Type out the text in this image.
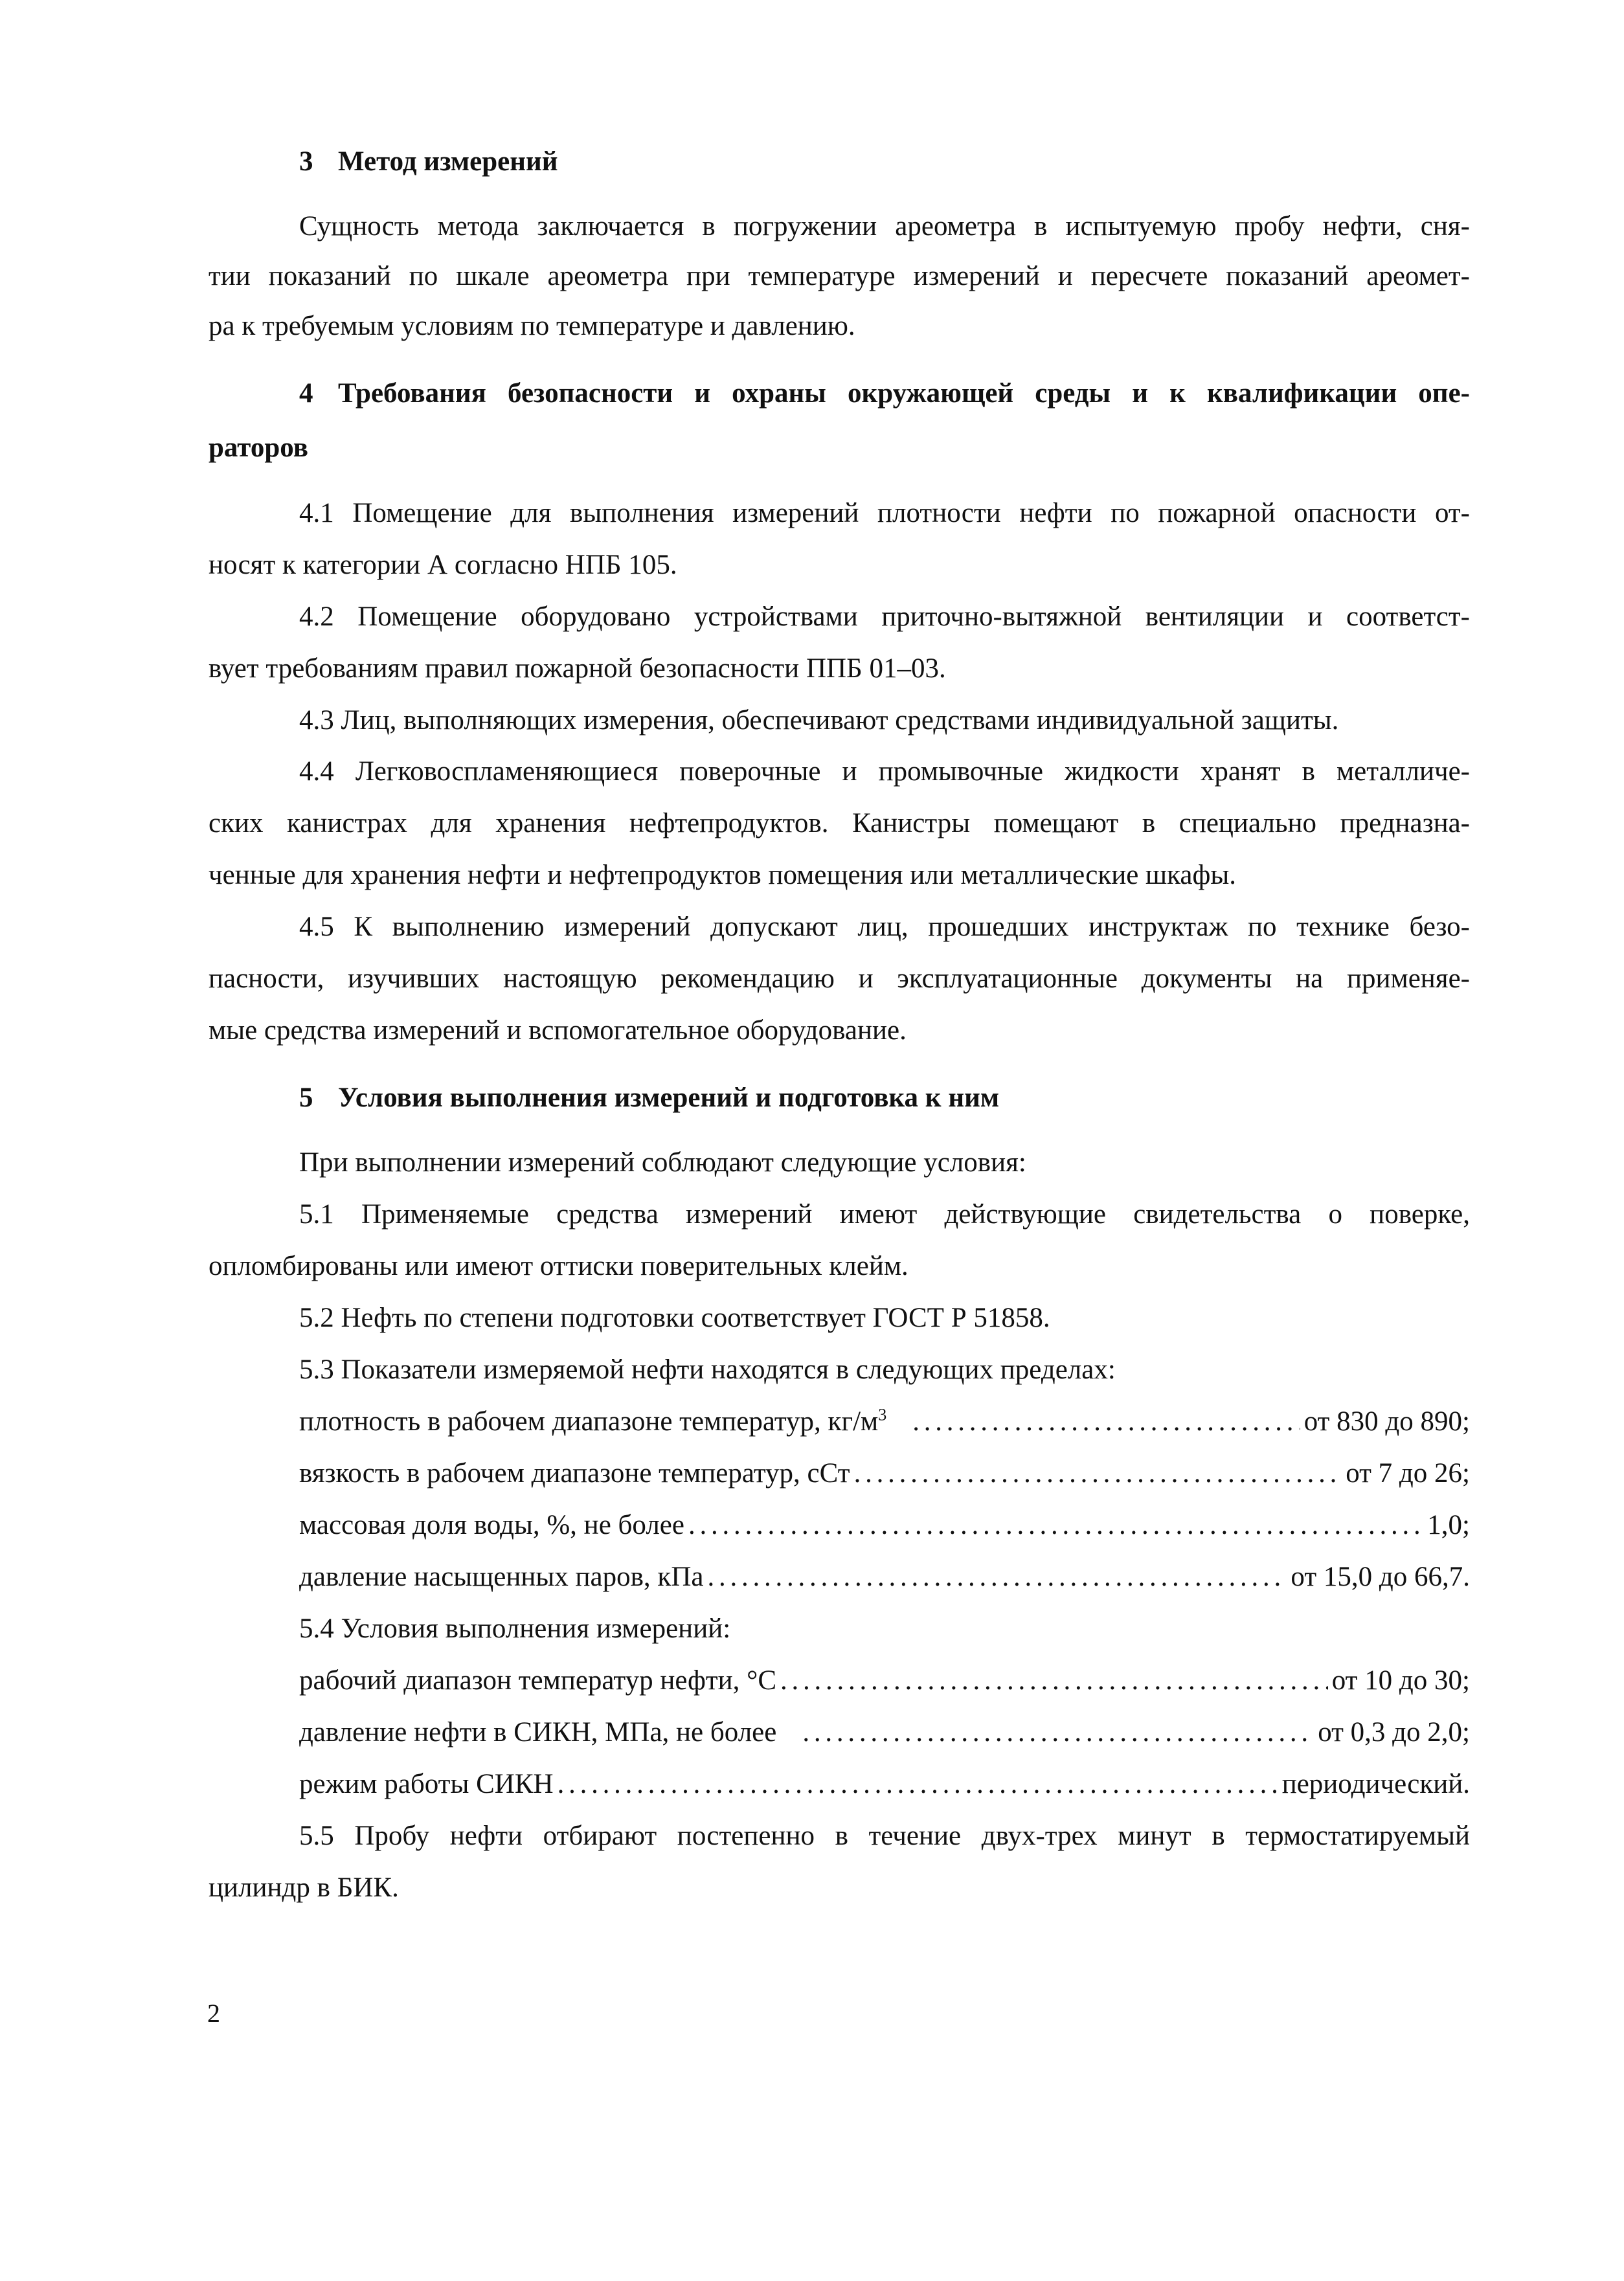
3 Метод измерений
Сущность метода заключается в погружении ареометра в испытуемую пробу нефти, сня-
тии показаний по шкале ареометра при температуре измерений и пересчете показаний ареомет-
ра к требуемым условиям по температуре и давлению.
4 Требования безопасности и охраны окружающей среды и к квалификации опе-
раторов
4.1 Помещение для выполнения измерений плотности нефти по пожарной опасности от-
носят к категории А согласно НПБ 105.
4.2 Помещение оборудовано устройствами приточно-вытяжной вентиляции и соответст-
вует требованиям правил пожарной безопасности ППБ 01–03.
4.3 Лиц, выполняющих измерения, обеспечивают средствами индивидуальной защиты.
4.4 Легковоспламеняющиеся поверочные и промывочные жидкости хранят в металличе-
ских канистрах для хранения нефтепродуктов. Канистры помещают в специально предназна-
ченные для хранения нефти и нефтепродуктов помещения или металлические шкафы.
4.5 К выполнению измерений допускают лиц, прошедших инструктаж по технике безо-
пасности, изучивших настоящую рекомендацию и эксплуатационные документы на применяе-
мые средства измерений и вспомогательное оборудование.
5 Условия выполнения измерений и подготовка к ним
При выполнении измерений соблюдают следующие условия:
5.1 Применяемые средства измерений имеют действующие свидетельства о поверке,
опломбированы или имеют оттиски поверительных клейм.
5.2 Нефть по степени подготовки соответствует ГОСТ Р 51858.
5.3 Показатели измеряемой нефти находятся в следующих пределах:
плотность в рабочем диапазоне температур, $кг/м^3$ . . .	от 830 до 890;
вязкость в рабочем диапазоне температур, сСт . . .	от 7 до 26;
массовая доля воды, %, не более . . .	1,0;
давление насыщенных паров, кПа . . .	от 15,0 до 66,7.
5.4 Условия выполнения измерений:
рабочий диапазон температур нефти, °С . . .	от 10 до 30;
давление нефти в СИКН, МПа, не более . . .	от 0,3 до 2,0;
режим работы СИКН . . .	периодический.
5.5 Пробу нефти отбирают постепенно в течение двух-трех минут в термостатируемый
цилиндр в БИК.
2
